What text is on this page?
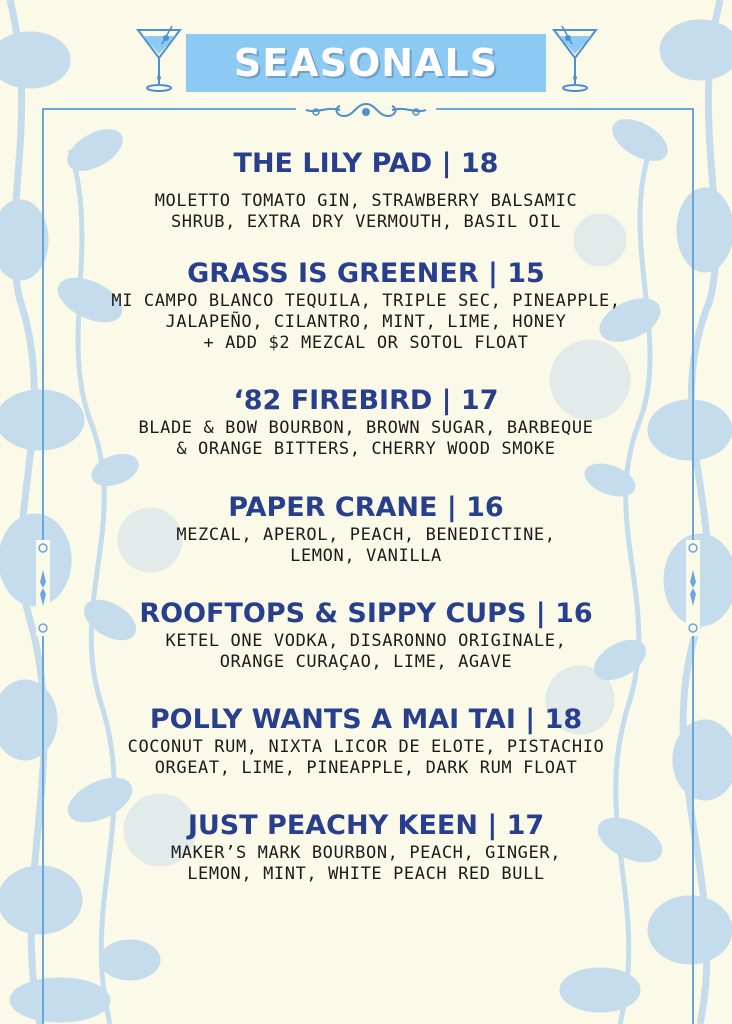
SEASONALS

THE LILY PAD | 18

MOLETTO TOMATO GIN, STRAWBERRY BALSAMIC

SHRUB, EXTRA DRY VERMOUTH, BASIL OIL

GRASS IS GREENER | 15

MI CAMPO BLANCO TEQUILA, TRIPLE SEC, PINEAPPLE,

JALAPEÑO, CILANTRO, MINT, LIME, HONEY

+ ADD $2 MEZCAL OR SOTOL FLOAT

‘82 FIREBIRD | 17

BLADE & BOW BOURBON, BROWN SUGAR, BARBEQUE

& ORANGE BITTERS, CHERRY WOOD SMOKE

PAPER CRANE | 16

MEZCAL, APEROL, PEACH, BENEDICTINE,

LEMON, VANILLA

ROOFTOPS & SIPPY CUPS | 16

KETEL ONE VODKA, DISARONNO ORIGINALE,

ORANGE CURAÇAO, LIME, AGAVE

POLLY WANTS A MAI TAI | 18

COCONUT RUM, NIXTA LICOR DE ELOTE, PISTACHIO

ORGEAT, LIME, PINEAPPLE, DARK RUM FLOAT

JUST PEACHY KEEN | 17

MAKER’S MARK BOURBON, PEACH, GINGER,

LEMON, MINT, WHITE PEACH RED BULL
